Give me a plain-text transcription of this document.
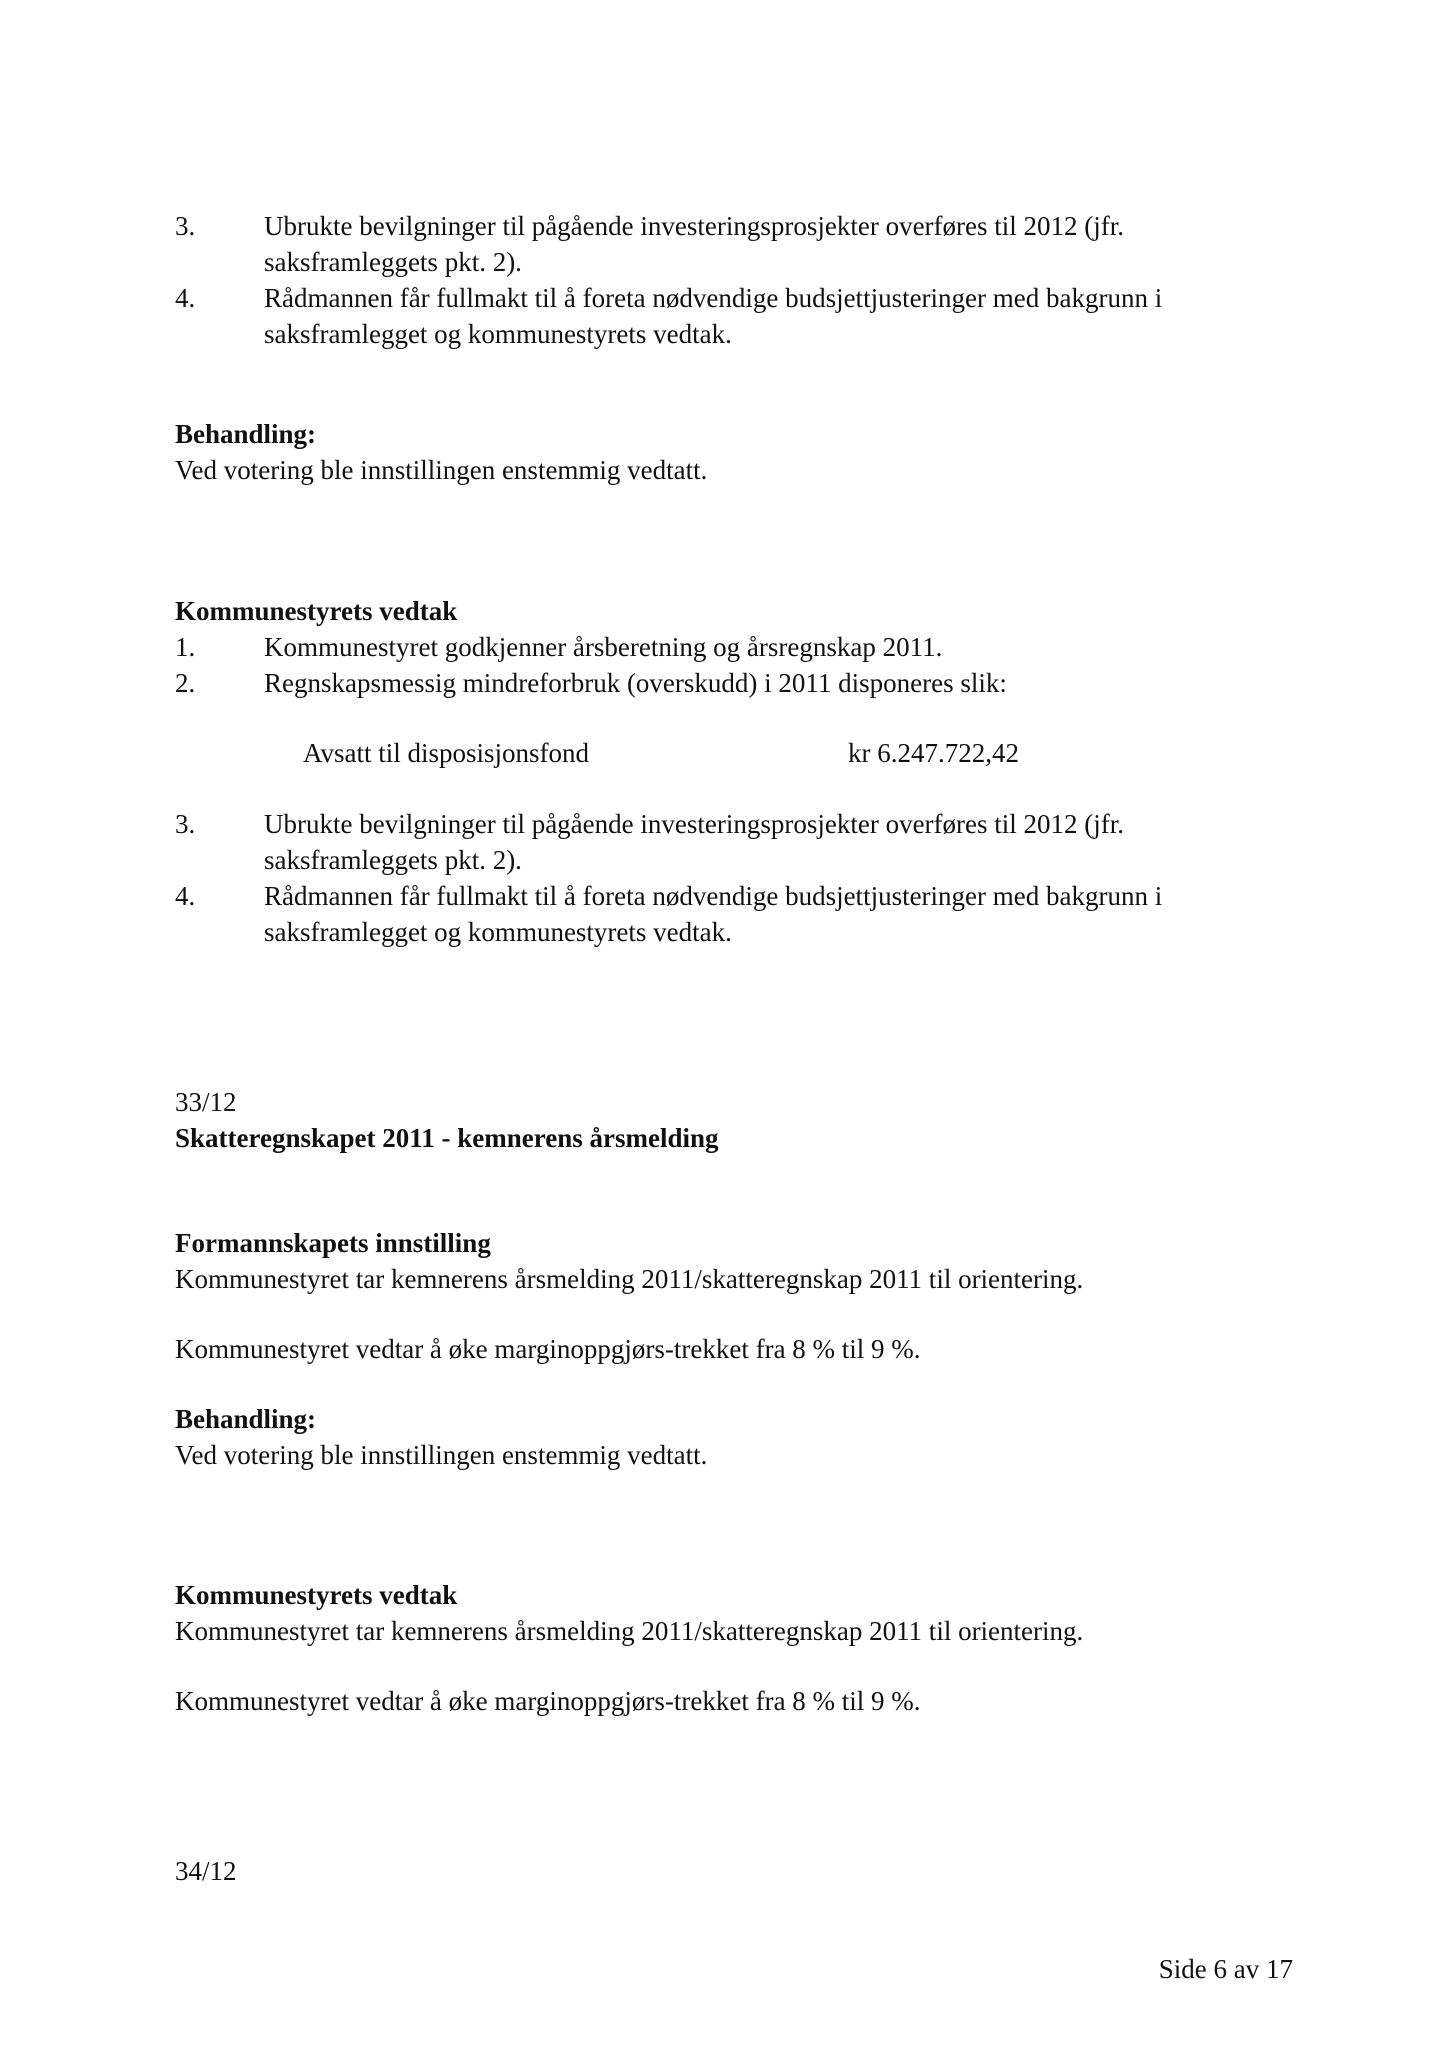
3.	Ubrukte bevilgninger til pågående investeringsprosjekter overføres til 2012 (jfr.
saksframleggets pkt. 2).
4.	Rådmannen får fullmakt til å foreta nødvendige budsjettjusteringer med bakgrunn i
saksframlegget og kommunestyrets vedtak.
Behandling:
Ved votering ble innstillingen enstemmig vedtatt.
Kommunestyrets vedtak
1.	Kommunestyret godkjenner årsberetning og årsregnskap 2011.
2.	Regnskapsmessig mindreforbruk (overskudd) i 2011 disponeres slik:
Avsatt til disposisjonsfond	kr 6.247.722,42
3.	Ubrukte bevilgninger til pågående investeringsprosjekter overføres til 2012 (jfr.
saksframleggets pkt. 2).
4.	Rådmannen får fullmakt til å foreta nødvendige budsjettjusteringer med bakgrunn i
saksframlegget og kommunestyrets vedtak.
33/12
Skatteregnskapet 2011 - kemnerens årsmelding
Formannskapets innstilling
Kommunestyret tar kemnerens årsmelding 2011/skatteregnskap 2011 til orientering.
Kommunestyret vedtar å øke marginoppgjørs-trekket fra 8 % til 9 %.
Behandling:
Ved votering ble innstillingen enstemmig vedtatt.
Kommunestyrets vedtak
Kommunestyret tar kemnerens årsmelding 2011/skatteregnskap 2011 til orientering.
Kommunestyret vedtar å øke marginoppgjørs-trekket fra 8 % til 9 %.
34/12
Side 6 av 17
